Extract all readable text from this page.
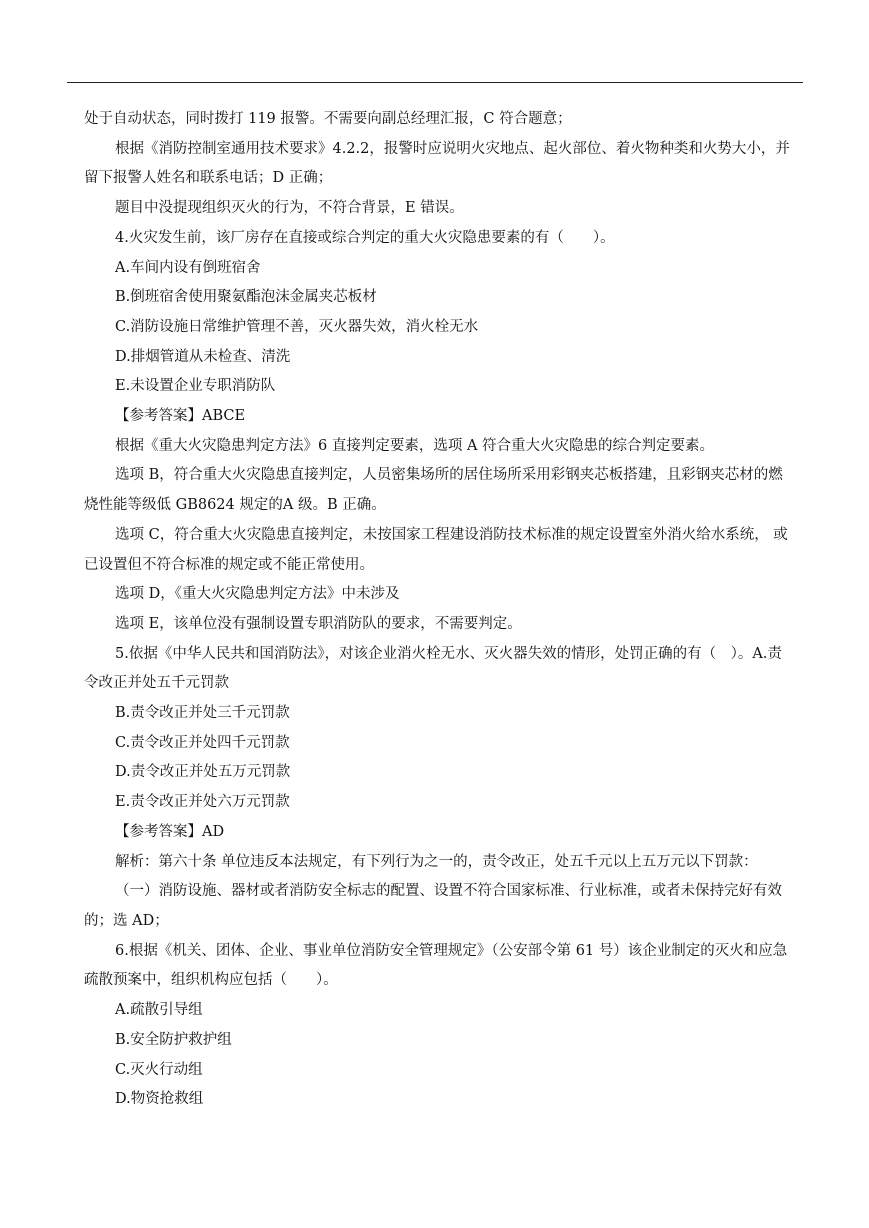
处于自动状态，同时拨打 119 报警。不需要向副总经理汇报，C 符合题意；

根据《消防控制室通用技术要求》4.2.2，报警时应说明火灾地点、起火部位、着火物种类和火势大小，并留下报警人姓名和联系电话；D 正确；

题目中没提现组织灭火的行为，不符合背景，E 错误。

4.火灾发生前，该厂房存在直接或综合判定的重大火灾隐患要素的有（　　）。

A.车间内设有倒班宿舍

B.倒班宿舍使用聚氨酯泡沫金属夹芯板材

C.消防设施日常维护管理不善，灭火器失效，消火栓无水

D.排烟管道从未检查、清洗

E.未设置企业专职消防队

【参考答案】ABCE

根据《重大火灾隐患判定方法》6 直接判定要素，选项 A 符合重大火灾隐患的综合判定要素。

选项 B，符合重大火灾隐患直接判定，人员密集场所的居住场所采用彩钢夹芯板搭建，且彩钢夹芯材的燃烧性能等级低 GB8624 规定的A 级。B 正确。

选项 C，符合重大火灾隐患直接判定，未按国家工程建设消防技术标准的规定设置室外消火给水系统， 或已设置但不符合标准的规定或不能正常使用。

选项 D，《重大火灾隐患判定方法》中未涉及

选项 E，该单位没有强制设置专职消防队的要求，不需要判定。

5.依据《中华人民共和国消防法》，对该企业消火栓无水、灭火器失效的情形，处罚正确的有（　）。A.责令改正并处五千元罚款

B.责令改正并处三千元罚款

C.责令改正并处四千元罚款

D.责令改正并处五万元罚款

E.责令改正并处六万元罚款

【参考答案】AD

解析：第六十条 单位违反本法规定，有下列行为之一的，责令改正，处五千元以上五万元以下罚款：

（一）消防设施、器材或者消防安全标志的配置、设置不符合国家标准、行业标准，或者未保持完好有效的；选 AD；

6.根据《机关、团体、企业、事业单位消防安全管理规定》（公安部令第 61 号）该企业制定的灭火和应急疏散预案中，组织机构应包括（　　）。

A.疏散引导组

B.安全防护救护组

C.灭火行动组

D.物资抢救组
